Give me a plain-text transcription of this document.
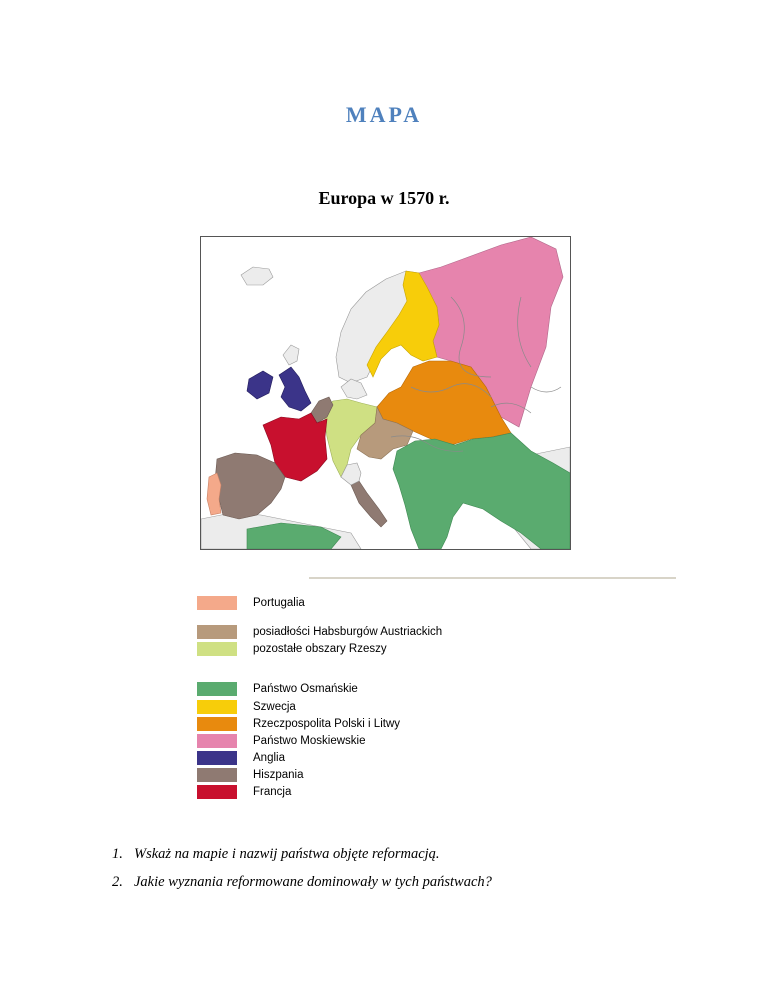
MAPA
Europa w 1570 r.
Portugalia
posiadłości Habsburgów Austriackich
pozostałe obszary Rzeszy
Państwo Osmańskie
Szwecja
Rzeczpospolita Polski i Litwy
Państwo Moskiewskie
Anglia
Hiszpania
Francja
1. Wskaż na mapie i nazwij państwa objęte reformacją.
2. Jakie wyznania reformowane dominowały w tych państwach?
